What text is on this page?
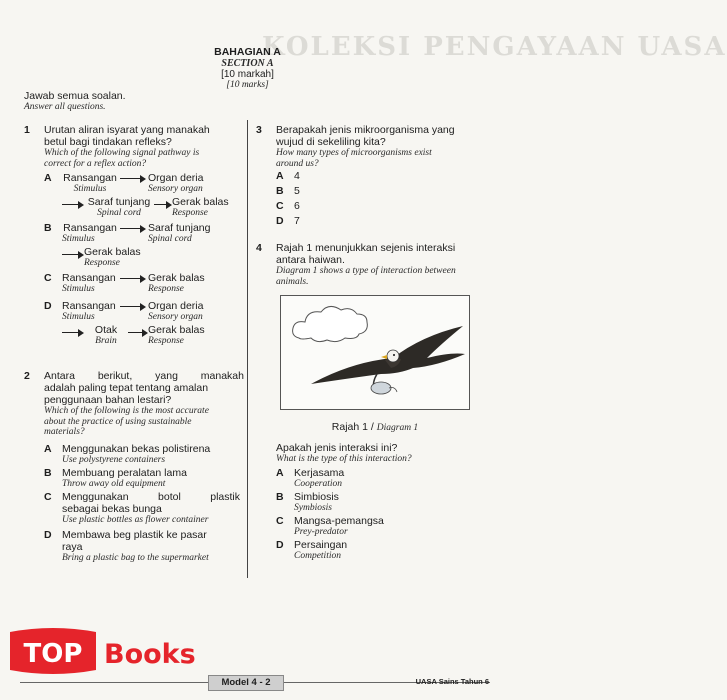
KOLEKSI PENGAYAAN UASA
BAHAGIAN A
SECTION A
[10 markah]
[10 marks]
Jawab semua soalan.
Answer all questions.
1 Urutan aliran isyarat yang manakah
betul bagi tindakan refleks?
Which of the following signal pathway is
correct for a reflex action?
A Ransangan
Stimulus
Organ deria
Sensory organ
Saraf tunjang
Spinal cord
Gerak balas
Response
B Ransangan
Stimulus
Saraf tunjang
Spinal cord
Gerak balas
Response
C Ransangan
Stimulus
Gerak balas
Response
D Ransangan
Stimulus
Organ deria
Sensory organ
Otak
Brain
Gerak balas
Response
2 Antara berikut, yang manakah
adalah paling tepat tentang amalan
penggunaan bahan lestari?
Which of the following is the most accurate
about the practice of using sustainable
materials?
A Menggunakan bekas polistirena
Use polystyrene containers
B Membuang peralatan lama
Throw away old equipment
C Menggunakan botol plastik
sebagai bekas bunga
Use plastic bottles as flower container
D Membawa beg plastik ke pasar
raya
Bring a plastic bag to the supermarket
3 Berapakah jenis mikroorganisma yang
wujud di sekeliling kita?
How many types of microorganisms exist
around us?
A 4
B 5
C 6
D 7
4 Rajah 1 menunjukkan sejenis interaksi
antara haiwan.
Diagram 1 shows a type of interaction between
animals.
Rajah 1 / Diagram 1
Apakah jenis interaksi ini?
What is the type of this interaction?
A Kerjasama
Cooperation
B Simbiosis
Symbiosis
C Mangsa-pemangsa
Prey-predator
D Persaingan
Competition
TOP Books
Model 4 - 2	UASA Sains Tahun 6
